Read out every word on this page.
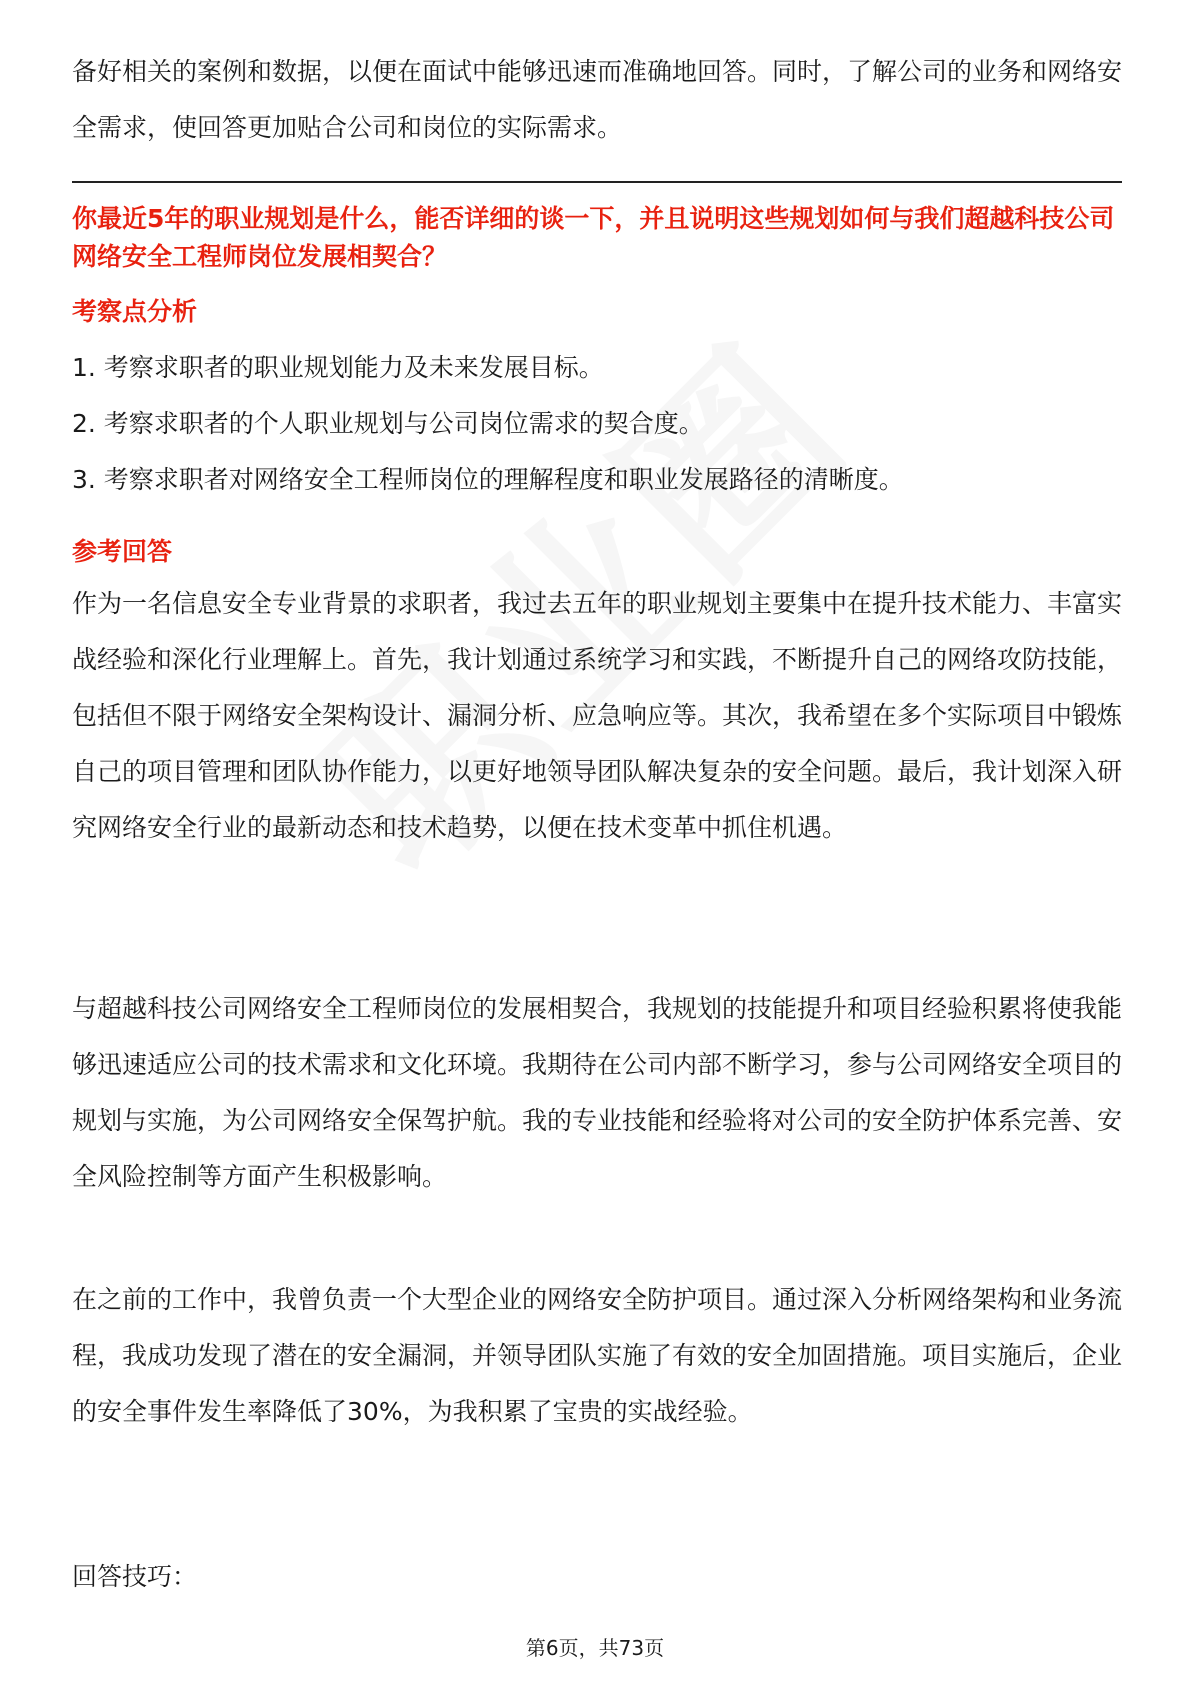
备好相关的案例和数据，以便在面试中能够迅速而准确地回答。同时，了解公司的业务和网络安全需求，使回答更加贴合公司和岗位的实际需求。

你最近5年的职业规划是什么，能否详细的谈一下，并且说明这些规划如何与我们超越科技公司网络安全工程师岗位发展相契合？

考察点分析

1. 考察求职者的职业规划能力及未来发展目标。
2. 考察求职者的个人职业规划与公司岗位需求的契合度。
3. 考察求职者对网络安全工程师岗位的理解程度和职业发展路径的清晰度。

参考回答

作为一名信息安全专业背景的求职者，我过去五年的职业规划主要集中在提升技术能力、丰富实战经验和深化行业理解上。首先，我计划通过系统学习和实践，不断提升自己的网络攻防技能，包括但不限于网络安全架构设计、漏洞分析、应急响应等。其次，我希望在多个实际项目中锻炼自己的项目管理和团队协作能力，以更好地领导团队解决复杂的安全问题。最后，我计划深入研究网络安全行业的最新动态和技术趋势，以便在技术变革中抓住机遇。

与超越科技公司网络安全工程师岗位的发展相契合，我规划的技能提升和项目经验积累将使我能够迅速适应公司的技术需求和文化环境。我期待在公司内部不断学习，参与公司网络安全项目的规划与实施，为公司网络安全保驾护航。我的专业技能和经验将对公司的安全防护体系完善、安全风险控制等方面产生积极影响。

在之前的工作中，我曾负责一个大型企业的网络安全防护项目。通过深入分析网络架构和业务流程，我成功发现了潜在的安全漏洞，并领导团队实施了有效的安全加固措施。项目实施后，企业的安全事件发生率降低了30%，为我积累了宝贵的实战经验。

回答技巧：

第6页，共73页
